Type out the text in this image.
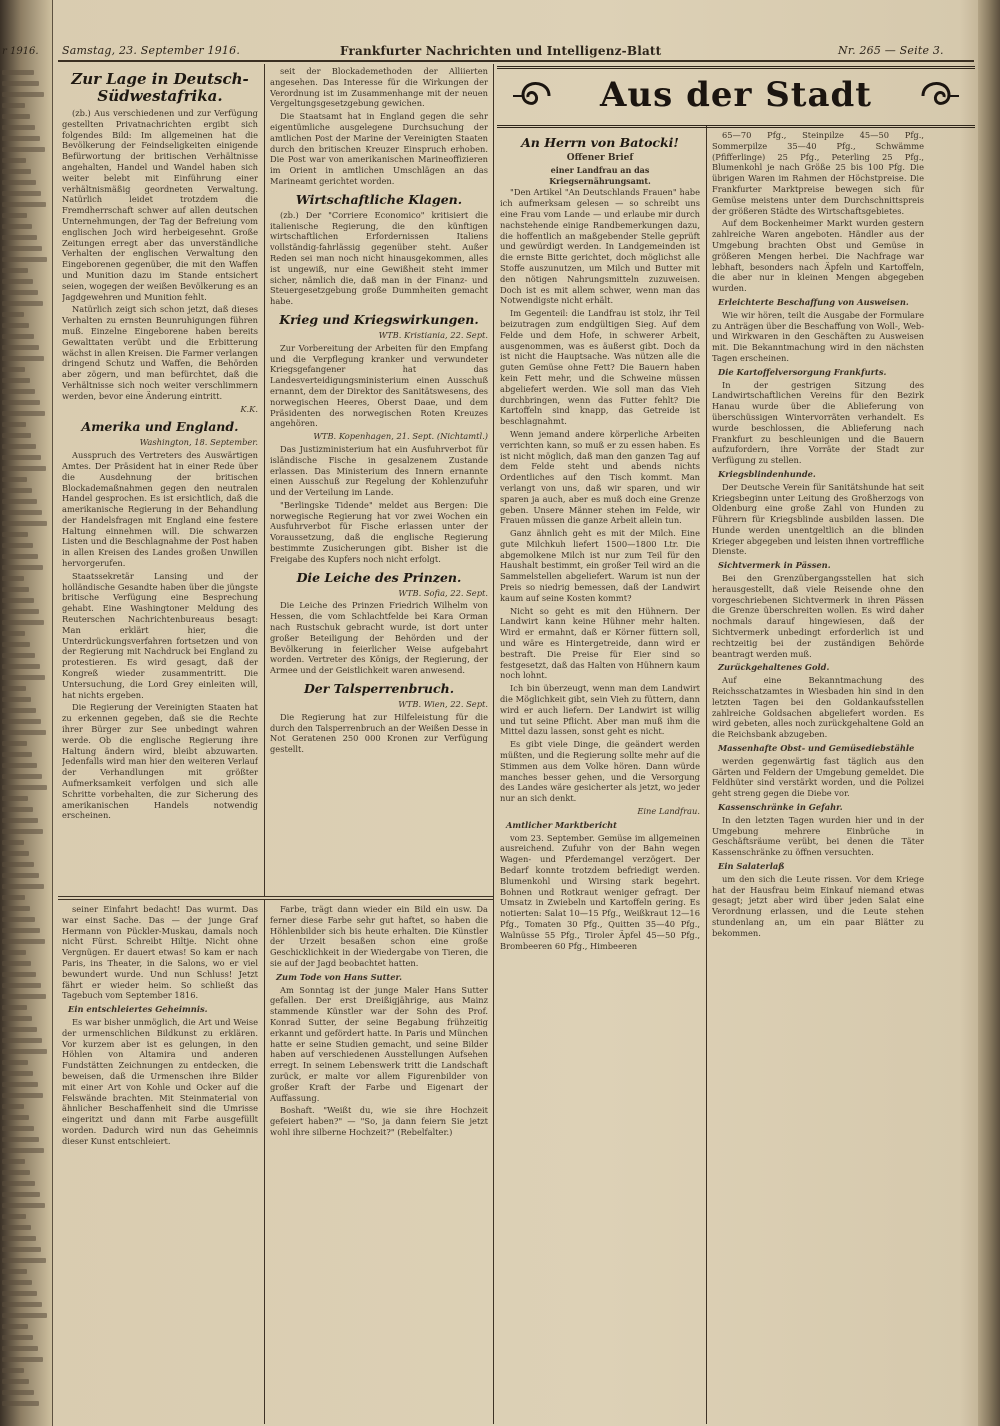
r 1916. Samstag, 23. September 1916.	Frankfurter Nachrichten und Intelligenz-Blatt	Nr. 265 — Seite 3.
Zur Lage in Deutsch-Südwestafrika.

(zb.) Aus verschiedenen und zur Verfügung gestellten Privatnachrichten ergibt sich folgendes Bild: Im allgemeinen hat die Bevölkerung der Feindseligkeiten einigende Befürwortung der britischen Verhältnisse angehalten, Handel und Wandel haben sich weiter belebt mit Einführung einer verhältnismäßig geordneten Verwaltung. Natürlich leidet trotzdem die Fremdherrschaft schwer auf allen deutschen Unternehmungen, der Tag der Befreiung vom englischen Joch wird herbeigesehnt. Große Zeitungen erregt aber das unverständliche Verhalten der englischen Verwaltung den Eingeborenen gegenüber, die mit den Waffen und Munition dazu im Stande entsichert seien, wogegen der weißen Bevölkerung es an Jagdgewehren und Munition fehlt.

Natürlich zeigt sich schon jetzt, daß dieses Verhalten zu ernsten Beunruhigungen führen muß. Einzelne Eingeborene haben bereits Gewalttaten verübt und die Erbitterung wächst in allen Kreisen. Die Farmer verlangen dringend Schutz und Waffen, die Behörden aber zögern, und man befürchtet, daß die Verhältnisse sich noch weiter verschlimmern werden, bevor eine Änderung eintritt.

K.K.
Amerika und England.
Washington, 18. September.

Ausspruch des Vertreters des Auswärtigen Amtes. Der Präsident hat in einer Rede über die Ausdehnung der britischen Blockademaßnahmen gegen den neutralen Handel gesprochen. Es ist ersichtlich, daß die amerikanische Regierung in der Behandlung der Handelsfragen mit England eine festere Haltung einnehmen will. Die schwarzen Listen und die Beschlagnahme der Post haben in allen Kreisen des Landes großen Unwillen hervorgerufen.

Staatssekretär Lansing und der holländische Gesandte haben über die jüngste britische Verfügung eine Besprechung gehabt. Eine Washingtoner Meldung des Reuterschen Nachrichtenbureaus besagt: Man erklärt hier, die Unterdrückungsverfahren fortsetzen und von der Regierung mit Nachdruck bei England zu protestieren. Es wird gesagt, daß der Kongreß wieder zusammentritt. Die Untersuchung, die Lord Grey einleiten will, hat nichts ergeben.

Die Regierung der Vereinigten Staaten hat zu erkennen gegeben, daß sie die Rechte ihrer Bürger zur See unbedingt wahren werde. Ob die englische Regierung ihre Haltung ändern wird, bleibt abzuwarten. Jedenfalls wird man hier den weiteren Verlauf der Verhandlungen mit größter Aufmerksamkeit verfolgen und sich alle Schritte vorbehalten, die zur Sicherung des amerikanischen Handels notwendig erscheinen.

seit der Blockademethoden der Alliierten angesehen. Das Interesse für die Wirkungen der Verordnung ist im Zusammenhange mit der neuen Vergeltungsgesetzgebung gewichen.

Die Staatsamt hat in England gegen die sehr eigentümliche ausgelegene Durchsuchung der amtlichen Post der Marine der Vereinigten Staaten durch den britischen Kreuzer Einspruch erhoben. Die Post war von amerikanischen Marineoffizieren im Orient in amtlichen Umschlägen an das Marineamt gerichtet worden.

Wirtschaftliche Klagen.

(zb.) Der "Corriere Economico" kritisiert die italienische Regierung, die den künftigen wirtschaftlichen Erfordernissen Italiens vollständig-fahrlässig gegenüber steht. Außer Reden sei man noch nicht hinausgekommen, alles ist ungewiß, nur eine Gewißheit steht immer sicher, nämlich die, daß man in der Finanz- und Steuergesetzgebung große Dummheiten gemacht habe.

Krieg und Kriegswirkungen.
WTB. Kristiania, 22. Sept.

Zur Vorbereitung der Arbeiten für den Empfang und die Verpflegung kranker und verwundeter Kriegsgefangener hat das Landesverteidigungsministerium einen Ausschuß ernannt, dem der Direktor des Sanitätswesens, des norwegischen Heeres, Oberst Daae, und dem Präsidenten des norwegischen Roten Kreuzes angehören.

WTB. Kopenhagen, 21. Sept. (Nichtamtl.)

Das Justizministerium hat ein Ausfuhrverbot für isländische Fische in gesalzenem Zustande erlassen. Das Ministerium des Innern ernannte einen Ausschuß zur Regelung der Kohlenzufuhr und der Verteilung im Lande.

"Berlingske Tidende" meldet aus Bergen: Die norwegische Regierung hat vor zwei Wochen ein Ausfuhrverbot für Fische erlassen unter der Voraussetzung, daß die englische Regierung bestimmte Zusicherungen gibt. Bisher ist die Freigabe des Kupfers noch nicht erfolgt.

Die Leiche des Prinzen.
WTB. Sofia, 22. Sept.

Die Leiche des Prinzen Friedrich Wilhelm von Hessen, die vom Schlachtfelde bei Kara Orman nach Rustschuk gebracht wurde, ist dort unter großer Beteiligung der Behörden und der Bevölkerung in feierlicher Weise aufgebahrt worden. Vertreter des Königs, der Regierung, der Armee und der Geistlichkeit waren anwesend.

Der Talsperrenbruch.
WTB. Wien, 22. Sept.

Die Regierung hat zur Hilfeleistung für die durch den Talsperrenbruch an der Weißen Desse in Not Geratenen 250 000 Kronen zur Verfügung gestellt.

seiner Einfahrt bedacht! Das wurmt. Das war einst Sache. Das — der junge Graf Hermann von Pückler-Muskau, damals noch nicht Fürst. Schreibt Hiltje. Nicht ohne Vergnügen. Er dauert etwas! So kam er nach Paris, ins Theater, in die Salons, wo er viel bewundert wurde. Und nun Schluss! Jetzt fährt er wieder heim. So schließt das Tagebuch vom September 1816.

Ein entschleiertes Geheimnis.

Es war bisher unmöglich, die Art und Weise der urmenschlichen Bildkunst zu erklären. Vor kurzem aber ist es gelungen, in den Höhlen von Altamira und anderen Fundstätten Zeichnungen zu entdecken, die beweisen, daß die Urmenschen ihre Bilder mit einer Art von Kohle und Ocker auf die Felswände brachten. Mit Steinmaterial von ähnlicher Beschaffenheit sind die Umrisse eingeritzt und dann mit Farbe ausgefüllt worden. Dadurch wird nun das Geheimnis dieser Kunst entschleiert.

Farbe, trägt dann wieder ein Bild ein usw. Da ferner diese Farbe sehr gut haftet, so haben die Höhlenbilder sich bis heute erhalten. Die Künstler der Urzeit besaßen schon eine große Geschicklichkeit in der Wiedergabe von Tieren, die sie auf der Jagd beobachtet hatten.

Zum Tode von Hans Sutter.

Am Sonntag ist der junge Maler Hans Sutter gefallen. Der erst Dreißigjährige, aus Mainz stammende Künstler war der Sohn des Prof. Konrad Sutter, der seine Begabung frühzeitig erkannt und gefördert hatte. In Paris und München hatte er seine Studien gemacht, und seine Bilder haben auf verschiedenen Ausstellungen Aufsehen erregt. In seinem Lebenswerk tritt die Landschaft zurück, er malte vor allem Figurenbilder von großer Kraft der Farbe und Eigenart der Auffassung.

Boshaft. "Weißt du, wie sie ihre Hochzeit gefeiert haben?" — "So, ja dann feiern Sie jetzt wohl ihre silberne Hochzeit?" (Rebelfalter.)

Aus der Stadt
An Herrn von Batocki!
Offener Brief
einer Landfrau an das Kriegsernährungsamt.

"Den Artikel "An Deutschlands Frauen" habe ich aufmerksam gelesen — so schreibt uns eine Frau vom Lande — und erlaube mir durch nachstehende einige Randbemerkungen dazu, die hoffentlich an maßgebender Stelle geprüft und gewürdigt werden. In Landgemeinden ist die ernste Bitte gerichtet, doch möglichst alle Stoffe auszunutzen, um Milch und Butter mit den nötigen Nahrungsmitteln zuzuweisen. Doch ist es mit allem schwer, wenn man das Notwendigste nicht erhält.

Im Gegenteil: die Landfrau ist stolz, ihr Teil beizutragen zum endgültigen Sieg. Auf dem Felde und dem Hofe, in schwerer Arbeit, ausgenommen, was es äußerst gibt. Doch da ist nicht die Hauptsache. Was nützen alle die guten Gemüse ohne Fett? Die Bauern haben kein Fett mehr, und die Schweine müssen abgeliefert werden. Wie soll man das Vieh durchbringen, wenn das Futter fehlt? Die Kartoffeln sind knapp, das Getreide ist beschlagnahmt.

Wenn jemand andere körperliche Arbeiten verrichten kann, so muß er zu essen haben. Es ist nicht möglich, daß man den ganzen Tag auf dem Felde steht und abends nichts Ordentliches auf den Tisch kommt. Man verlangt von uns, daß wir sparen, und wir sparen ja auch, aber es muß doch eine Grenze geben. Unsere Männer stehen im Felde, wir Frauen müssen die ganze Arbeit allein tun.

Ganz ähnlich geht es mit der Milch. Eine gute Milchkuh liefert 1500—1800 Ltr. Die abgemolkene Milch ist nur zum Teil für den Haushalt bestimmt, ein großer Teil wird an die Sammelstellen abgeliefert. Warum ist nun der Preis so niedrig bemessen, daß der Landwirt kaum auf seine Kosten kommt?

Nicht so geht es mit den Hühnern. Der Landwirt kann keine Hühner mehr halten. Wird er ermahnt, daß er Körner füttern soll, und wäre es Hintergetreide, dann wird er bestraft. Die Preise für Eier sind so festgesetzt, daß das Halten von Hühnern kaum noch lohnt.

Ich bin überzeugt, wenn man dem Landwirt die Möglichkeit gibt, sein Vieh zu füttern, dann wird er auch liefern. Der Landwirt ist willig und tut seine Pflicht. Aber man muß ihm die Mittel dazu lassen, sonst geht es nicht.

Es gibt viele Dinge, die geändert werden müßten, und die Regierung sollte mehr auf die Stimmen aus dem Volke hören. Dann würde manches besser gehen, und die Versorgung des Landes wäre gesicherter als jetzt, wo jeder nur an sich denkt.

Eine Landfrau.
Amtlicher Marktbericht

vom 23. September. Gemüse im allgemeinen ausreichend. Zufuhr von der Bahn wegen Wagen- und Pferdemangel verzögert. Der Bedarf konnte trotzdem befriedigt werden. Blumenkohl und Wirsing stark begehrt. Bohnen und Rotkraut weniger gefragt. Der Umsatz in Zwiebeln und Kartoffeln gering. Es notierten: Salat 10—15 Pfg., Weißkraut 12—16 Pfg., Tomaten 30 Pfg., Quitten 35—40 Pfg., Walnüsse 55 Pfg., Tiroler Äpfel 45—50 Pfg., Brombeeren 60 Pfg., Himbeeren

65—70 Pfg., Steinpilze 45—50 Pfg., Sommerpilze 35—40 Pfg., Schwämme (Pfifferlinge) 25 Pfg., Peterling 25 Pfg., Blumenkohl je nach Größe 25 bis 100 Pfg. Die übrigen Waren im Rahmen der Höchstpreise. Die Frankfurter Marktpreise bewegen sich für Gemüse meistens unter dem Durchschnittspreis der größeren Städte des Wirtschaftsgebietes.

Auf dem Bockenheimer Markt wurden gestern zahlreiche Waren angeboten. Händler aus der Umgebung brachten Obst und Gemüse in größeren Mengen herbei. Die Nachfrage war lebhaft, besonders nach Äpfeln und Kartoffeln, die aber nur in kleinen Mengen abgegeben wurden.

Erleichterte Beschaffung von Ausweisen.

Wie wir hören, teilt die Ausgabe der Formulare zu Anträgen über die Beschaffung von Woll-, Web- und Wirkwaren in den Geschäften zu Ausweisen mit. Die Bekanntmachung wird in den nächsten Tagen erscheinen.

Die Kartoffelversorgung Frankfurts.

In der gestrigen Sitzung des Landwirtschaftlichen Vereins für den Bezirk Hanau wurde über die Ablieferung von überschüssigen Wintervorräten verhandelt. Es wurde beschlossen, die Ablieferung nach Frankfurt zu beschleunigen und die Bauern aufzufordern, ihre Vorräte der Stadt zur Verfügung zu stellen.

Kriegsblindenhunde.

Der Deutsche Verein für Sanitätshunde hat seit Kriegsbeginn unter Leitung des Großherzogs von Oldenburg eine große Zahl von Hunden zu Führern für Kriegsblinde ausbilden lassen. Die Hunde werden unentgeltlich an die blinden Krieger abgegeben und leisten ihnen vortreffliche Dienste.

Sichtvermerk in Pässen.

Bei den Grenzübergangsstellen hat sich herausgestellt, daß viele Reisende ohne den vorgeschriebenen Sichtvermerk in ihren Pässen die Grenze überschreiten wollen. Es wird daher nochmals darauf hingewiesen, daß der Sichtvermerk unbedingt erforderlich ist und rechtzeitig bei der zuständigen Behörde beantragt werden muß.

Zurückgehaltenes Gold.

Auf eine Bekanntmachung des Reichsschatzamtes in Wiesbaden hin sind in den letzten Tagen bei den Goldankaufsstellen zahlreiche Goldsachen abgeliefert worden. Es wird gebeten, alles noch zurückgehaltene Gold an die Reichsbank abzugeben.

Massenhafte Obst- und Gemüsediebstähle

werden gegenwärtig fast täglich aus den Gärten und Feldern der Umgebung gemeldet. Die Feldhüter sind verstärkt worden, und die Polizei geht streng gegen die Diebe vor.

Kassenschränke in Gefahr.

In den letzten Tagen wurden hier und in der Umgebung mehrere Einbrüche in Geschäftsräume verübt, bei denen die Täter Kassenschränke zu öffnen versuchten.

Ein Salaterlaß

um den sich die Leute rissen. Vor dem Kriege hat der Hausfrau beim Einkauf niemand etwas gesagt; jetzt aber wird über jeden Salat eine Verordnung erlassen, und die Leute stehen stundenlang an, um ein paar Blätter zu bekommen.
